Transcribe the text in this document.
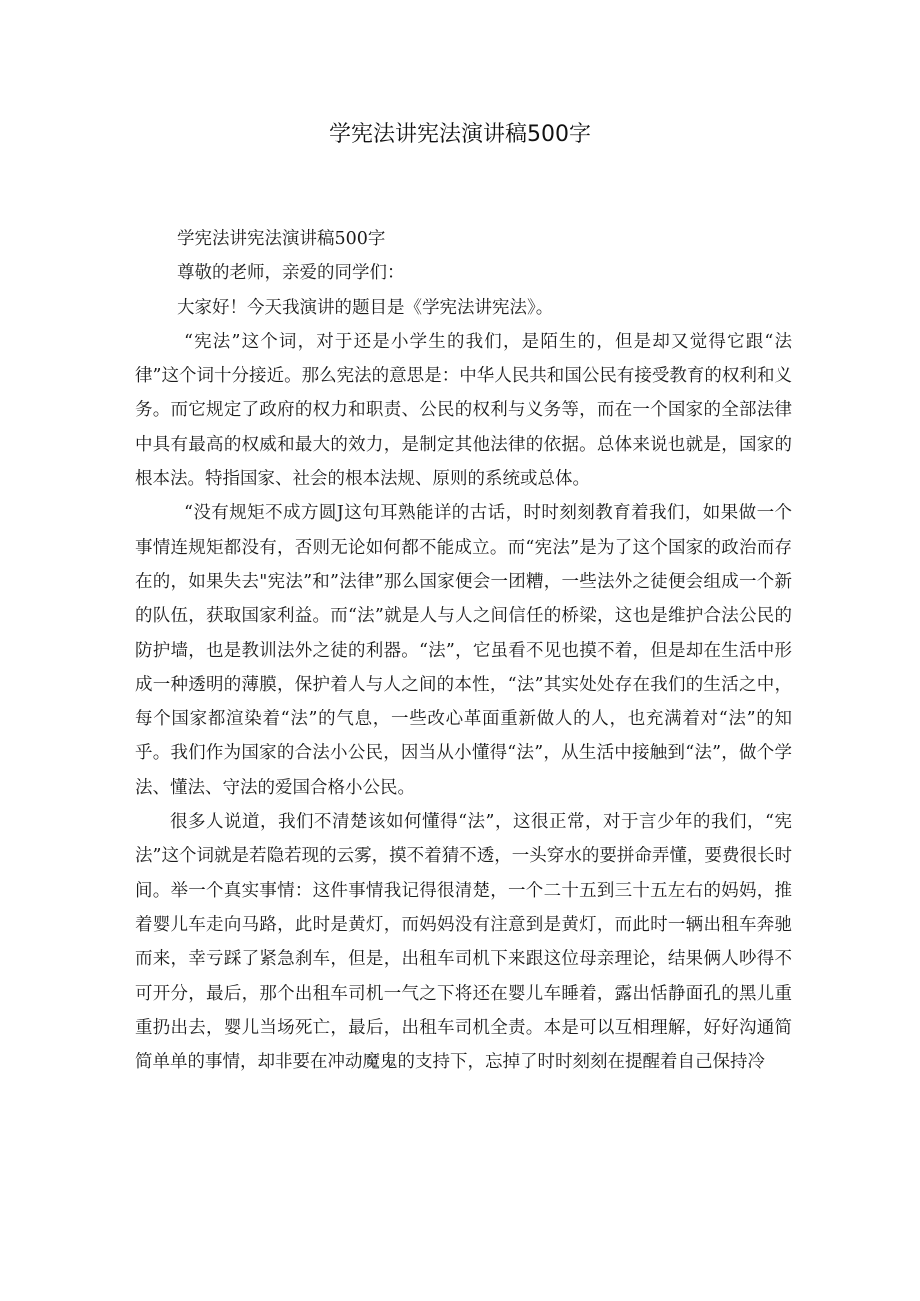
学宪法讲宪法演讲稿500字

学宪法讲宪法演讲稿500字

尊敬的老师，亲爱的同学们：

大家好！今天我演讲的题目是《学宪法讲宪法》。

“宪法”这个词，对于还是小学生的我们，是陌生的，但是却又觉得它跟“法律”这个词十分接近。那么宪法的意思是：中华人民共和国公民有接受教育的权利和义务。而它规定了政府的权力和职责、公民的权利与义务等，而在一个国家的全部法律中具有最高的权威和最大的效力，是制定其他法律的依据。总体来说也就是，国家的根本法。特指国家、社会的根本法规、原则的系统或总体。

“没有规矩不成方圆J这句耳熟能详的古话，时时刻刻教育着我们，如果做一个事情连规矩都没有，否则无论如何都不能成立。而“宪法”是为了这个国家的政治而存在的，如果失去"宪法”和”法律”那么国家便会一团糟，一些法外之徒便会组成一个新的队伍，获取国家利益。而“法”就是人与人之间信任的桥梁，这也是维护合法公民的防护墙，也是教训法外之徒的利器。“法”，它虽看不见也摸不着，但是却在生活中形成一种透明的薄膜，保护着人与人之间的本性，“法”其实处处存在我们的生活之中，每个国家都渲染着“法”的气息，一些改心革面重新做人的人，也充满着对“法”的知乎。我们作为国家的合法小公民，因当从小懂得“法”，从生活中接触到“法”，做个学法、懂法、守法的爱国合格小公民。

很多人说道，我们不清楚该如何懂得“法”，这很正常，对于言少年的我们，“宪法”这个词就是若隐若现的云雾，摸不着猜不透，一头穿水的要拼命弄懂，要费很长时间。举一个真实事情：这件事情我记得很清楚，一个二十五到三十五左右的妈妈，推着婴儿车走向马路，此时是黄灯，而妈妈没有注意到是黄灯，而此时一辆出租车奔驰而来，幸亏踩了紧急刹车，但是，出租车司机下来跟这位母亲理论，结果俩人吵得不可开分，最后，那个出租车司机一气之下将还在婴儿车睡着，露出恬静面孔的黑儿重重扔出去，婴儿当场死亡，最后，出租车司机全责。本是可以互相理解，好好沟通简简单单的事情，却非要在冲动魔鬼的支持下，忘掉了时时刻刻在提醒着自己保持冷
